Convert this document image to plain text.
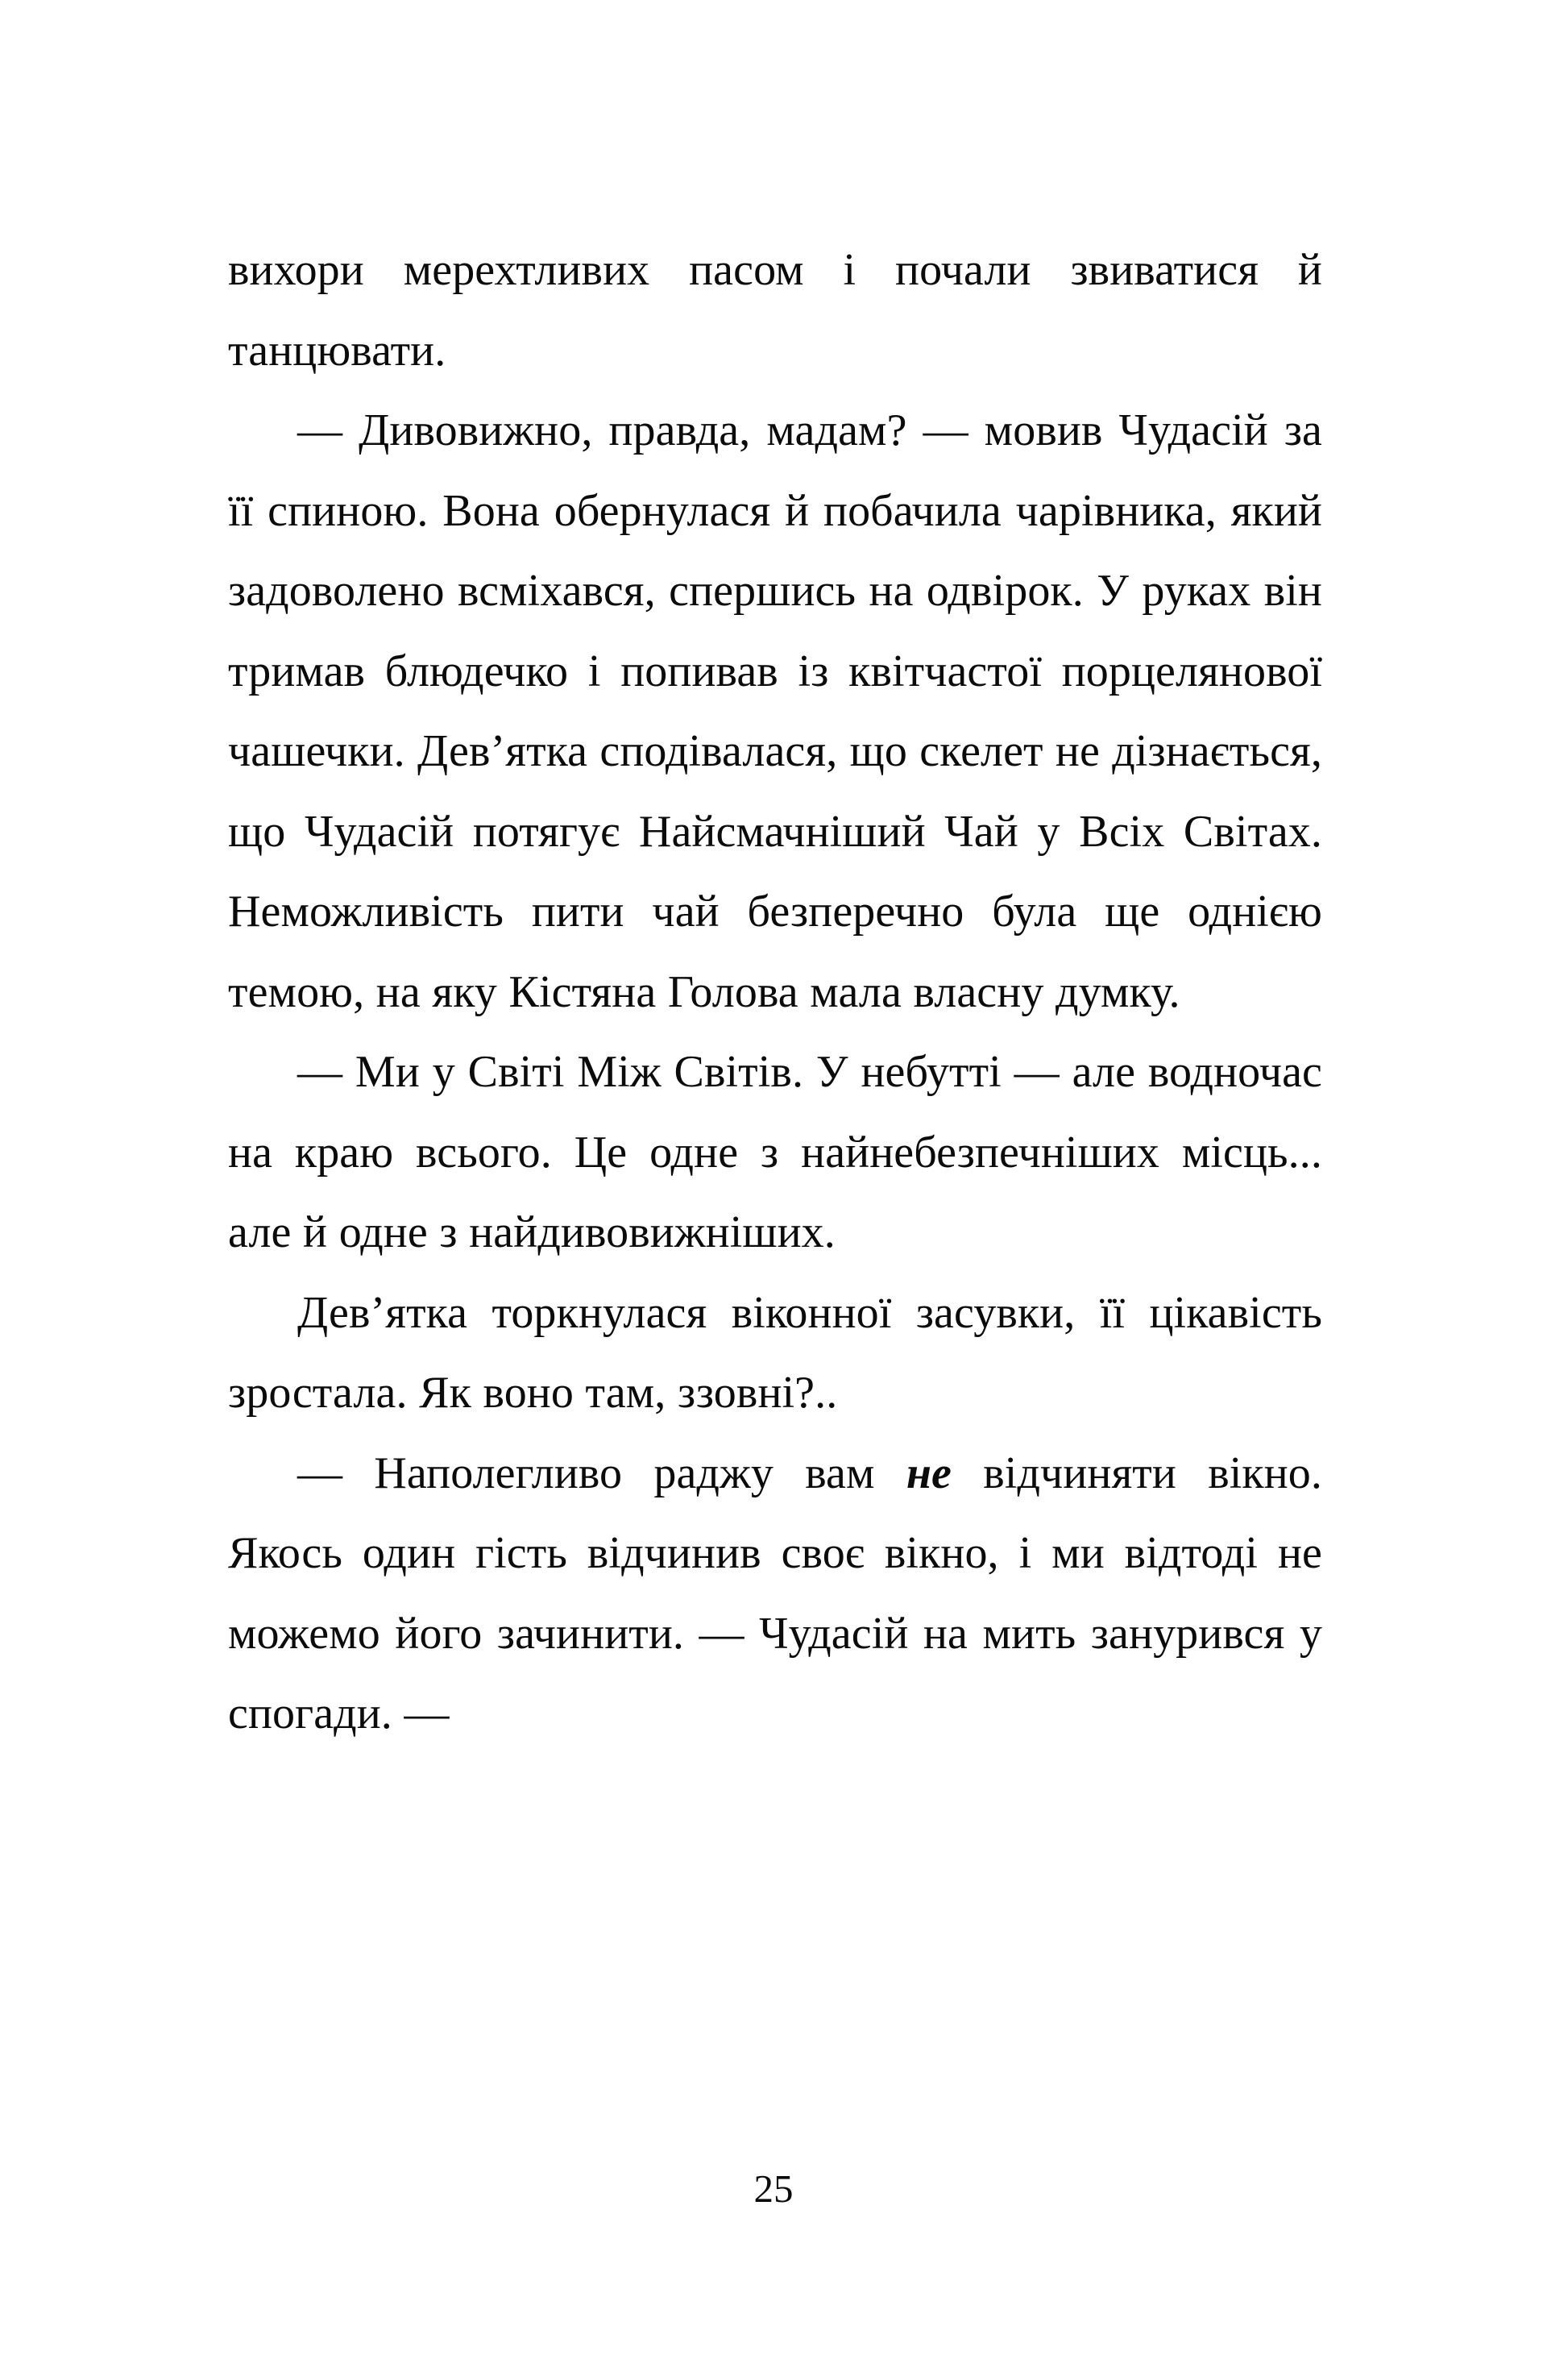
вихори мерехтливих пасом і почали звиватися й танцювати.

— Дивовижно, правда, мадам? — мовив Чудасій за її спиною. Вона обернулася й побачила чарівника, який задоволено всміхався, спершись на одвірок. У руках він тримав блюдечко і попивав із квітчастої порцелянової чашечки. Дев’ятка сподівалася, що скелет не дізнається, що Чудасій потягує Найсмачніший Чай у Всіх Світах. Неможливість пити чай безперечно була ще однією темою, на яку Кістяна Голова мала власну думку.

— Ми у Світі Між Світів. У небутті — але водночас на краю всього. Це одне з найнебезпечніших місць... але й одне з найдивовижніших.

Дев’ятка торкнулася віконної засувки, її цікавість зростала. Як воно там, ззовні?..

— Наполегливо раджу вам не відчиняти вікно. Якось один гість відчинив своє вікно, і ми відтоді не можемо його зачинити. — Чудасій на мить занурився у спогади. —

25
